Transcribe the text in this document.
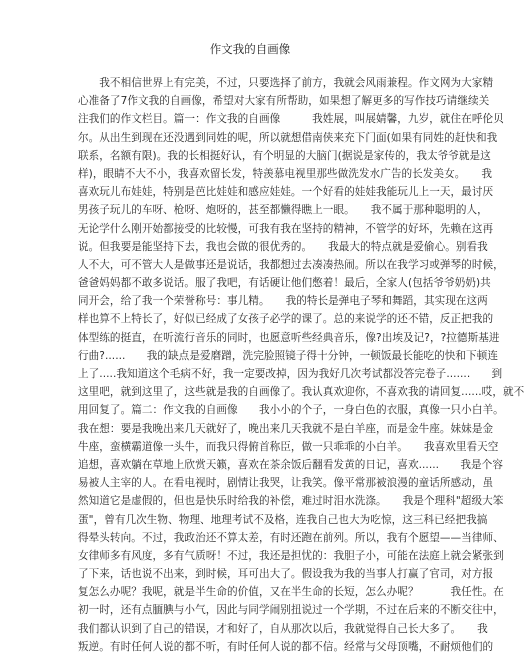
作文我的自画像
　　我不相信世界上有完美，不过，只要选择了前方，我就会风雨兼程。作文网为大家精
心准备了7作文我的自画像，希望对大家有所帮助，如果想了解更多的写作技巧请继续关
注我们的作文栏目。篇一：作文我的自画像　　　我姓展，叫展婧馨，九岁，就住在呼伦贝
尔。从出生到现在还没遇到同姓的呢，所以就想借南侠来充下门面(如果有同姓的赶快和我
联系，名额有限)。我的长相挺好认，有个明显的大脑门(据说是家传的，我太爷爷就是这
样)，眼睛不大不小，我喜欢留长发，特羡慕电视里那些做洗发水广告的长发美女。　　我
喜欢玩儿布娃娃，特别是芭比娃娃和感应娃娃。一个好看的娃娃我能玩儿上一天，最讨厌
男孩子玩儿的车呀、枪呀、炮呀的，甚至都懒得瞧上一眼。　　我不属于那种聪明的人，
无论学什么刚开始都接受的比较慢，可我有我在坚持的精神，不管学的好坏，先赖在这再
说。但我要是能坚持下去，我也会做的很优秀的。　　我最大的特点就是爱偷心。别看我
人不大，可不管大人是做事还是说话，我都想过去凑凑热闹。所以在我学习或弹琴的时候，
爸爸妈妈都不敢多说话。服了我吧，有话硬让他们憋着！最后，全家人(包括爷爷奶奶)共
同开会，给了我一个荣誉称号：事儿精。　　我的特长是弹电子琴和舞蹈，其实现在这两
样也算不上特长了，好似已经成了女孩子必学的课了。总的来说学的还不错，反正把我的
体型练的挺直，在听流行音乐的同时，也愿意听些经典音乐，像?出埃及记?，?拉德斯基进
行曲?......　　我的缺点是爱磨蹭，洗完脸照镜子得十分钟，一顿饭最长能吃的快和下顿连
上了.....我知道这个毛病不好，我一定要改掉，因为我好几次考试都没答完卷子.......　　到
这里吧，就到这里了，这些就是我的自画像了。我认真欢迎你，不喜欢我的请回复......哎，就不
用回复了。篇二：作文我的自画像　　我小小的个子，一身白色的衣服，真像一只小白羊。
我在想：要是我晚出来几天就好了，晚出来几天我就不是白羊座，而是金牛座。妹妹是金
牛座，蛮横霸道像一头牛，而我只得俯首称臣，做一只乖乖的小白羊。　　我喜欢里看天空
追想，喜欢躺在草地上欣赏天籁，喜欢在茶余饭后翻看发黄的日记，喜欢......　　我是个容
易被人主宰的人。在看电视时，剧情让我哭，让我笑。像平常那被浪漫的童话所感动，虽
然知道它是虚假的，但也是快乐时给我的补偿，难过时泪水洗涤。　　我是个理科"超级大笨
蛋"，曾有几次生物、物理、地理考试不及格，连我自己也大为吃惊，这三科已经把我搞
得晕头转向。不过，我政治还不算太差，有时还跑在前列。所以，我有个愿望——当律师、
女律师多有风度，多有气质呀！不过，我还是担忧的：我胆子小，可能在法庭上就会紧张到
了下来，话也说不出来，到时候，耳可出大了。假设我为我的当事人打赢了官司，对方报
复怎么办呢？我呢，就是半生命的价值，又在半生命的长短，怎么办呢？　　　我任性。在
初一时，还有点腼腆与小气，因此与同学闹别扭说过一个学期，不过在后来的不断交往中，
我们都认识到了自己的错误，才和好了，自从那次以后，我就觉得自己长大多了。　　我
叛逆。有时任何人说的都不听，有时任何人说的都不信。经常与父母顶嘴，不耐烦他们的
